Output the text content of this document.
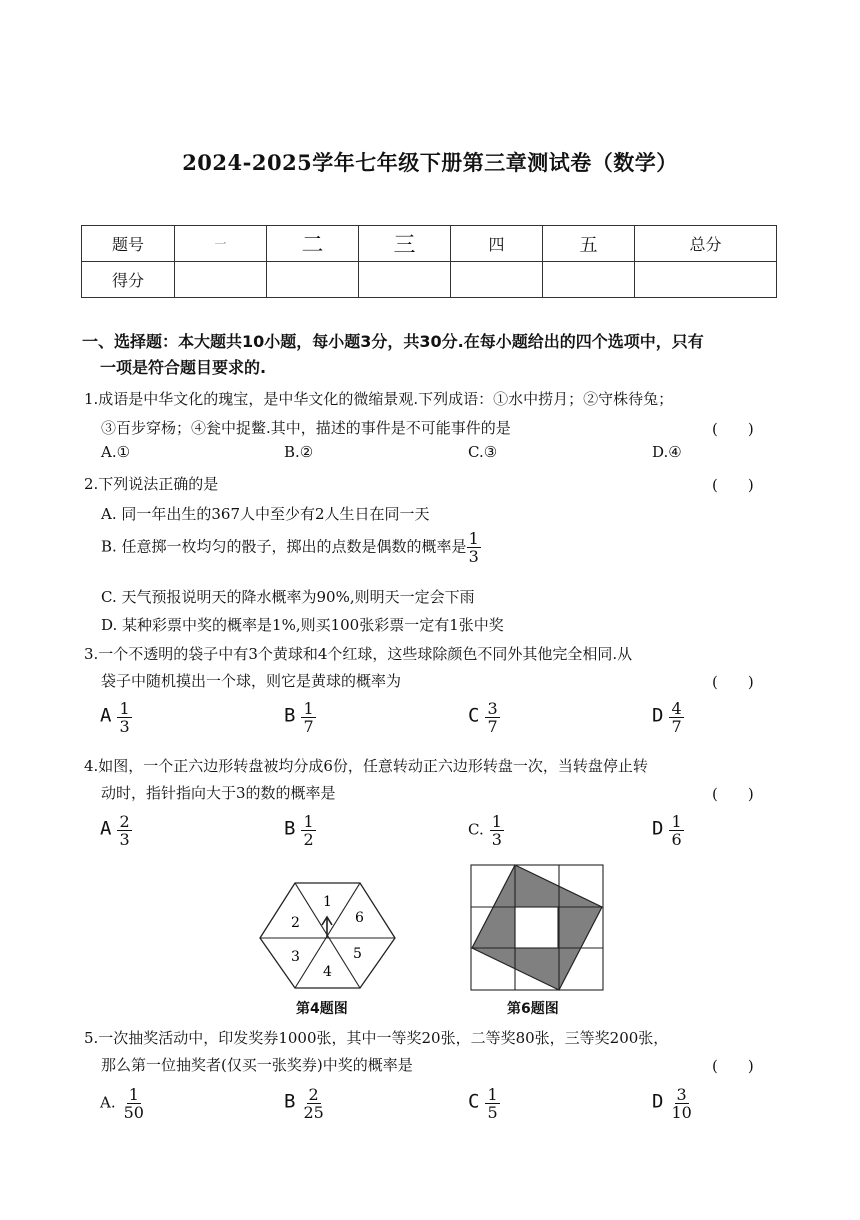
2024-2025学年七年级下册第三章测试卷（数学）
题号	一	二	三	四	五	总分
得分						
一、选择题：本大题共10小题，每小题3分，共30分.在每小题给出的四个选项中，只有
一项是符合题目要求的.
1.成语是中华文化的瑰宝，是中华文化的微缩景观.下列成语：①水中捞月；②守株待兔；
③百步穿杨；④瓮中捉鳖.其中，描述的事件是不可能事件的是	(　　)
A.①	B.②	C.③	D.④
2.下列说法正确的是	(　　)
A. 同一年出生的367人中至少有2人生日在同一天
B. 任意掷一枚均匀的骰子，掷出的点数是偶数的概率是 $\frac{1}{3}$
C. 天气预报说明天的降水概率为90%,则明天一定会下雨
D. 某种彩票中奖的概率是1%,则买100张彩票一定有1张中奖
3.一个不透明的袋子中有3个黄球和4个红球，这些球除颜色不同外其他完全相同.从
袋子中随机摸出一个球，则它是黄球的概率为	(　　)
A $\frac{1}{3}$	B $\frac{1}{7}$	C $\frac{3}{7}$	D $\frac{4}{7}$
4.如图，一个正六边形转盘被均分成6份，任意转动正六边形转盘一次，当转盘停止转
动时，指针指向大于3的数的概率是	(　　)
A $\frac{2}{3}$	B $\frac{1}{2}$	C. $\frac{1}{3}$	D $\frac{1}{6}$
1
6
5
4
3
2
第4题图	第6题图
5.一次抽奖活动中，印发奖券1000张，其中一等奖20张，二等奖80张，三等奖200张，
那么第一位抽奖者(仅买一张奖券)中奖的概率是	(　　)
A. $\frac{1}{50}$	B $\frac{2}{25}$	C $\frac{1}{5}$	D $\frac{3}{10}$
